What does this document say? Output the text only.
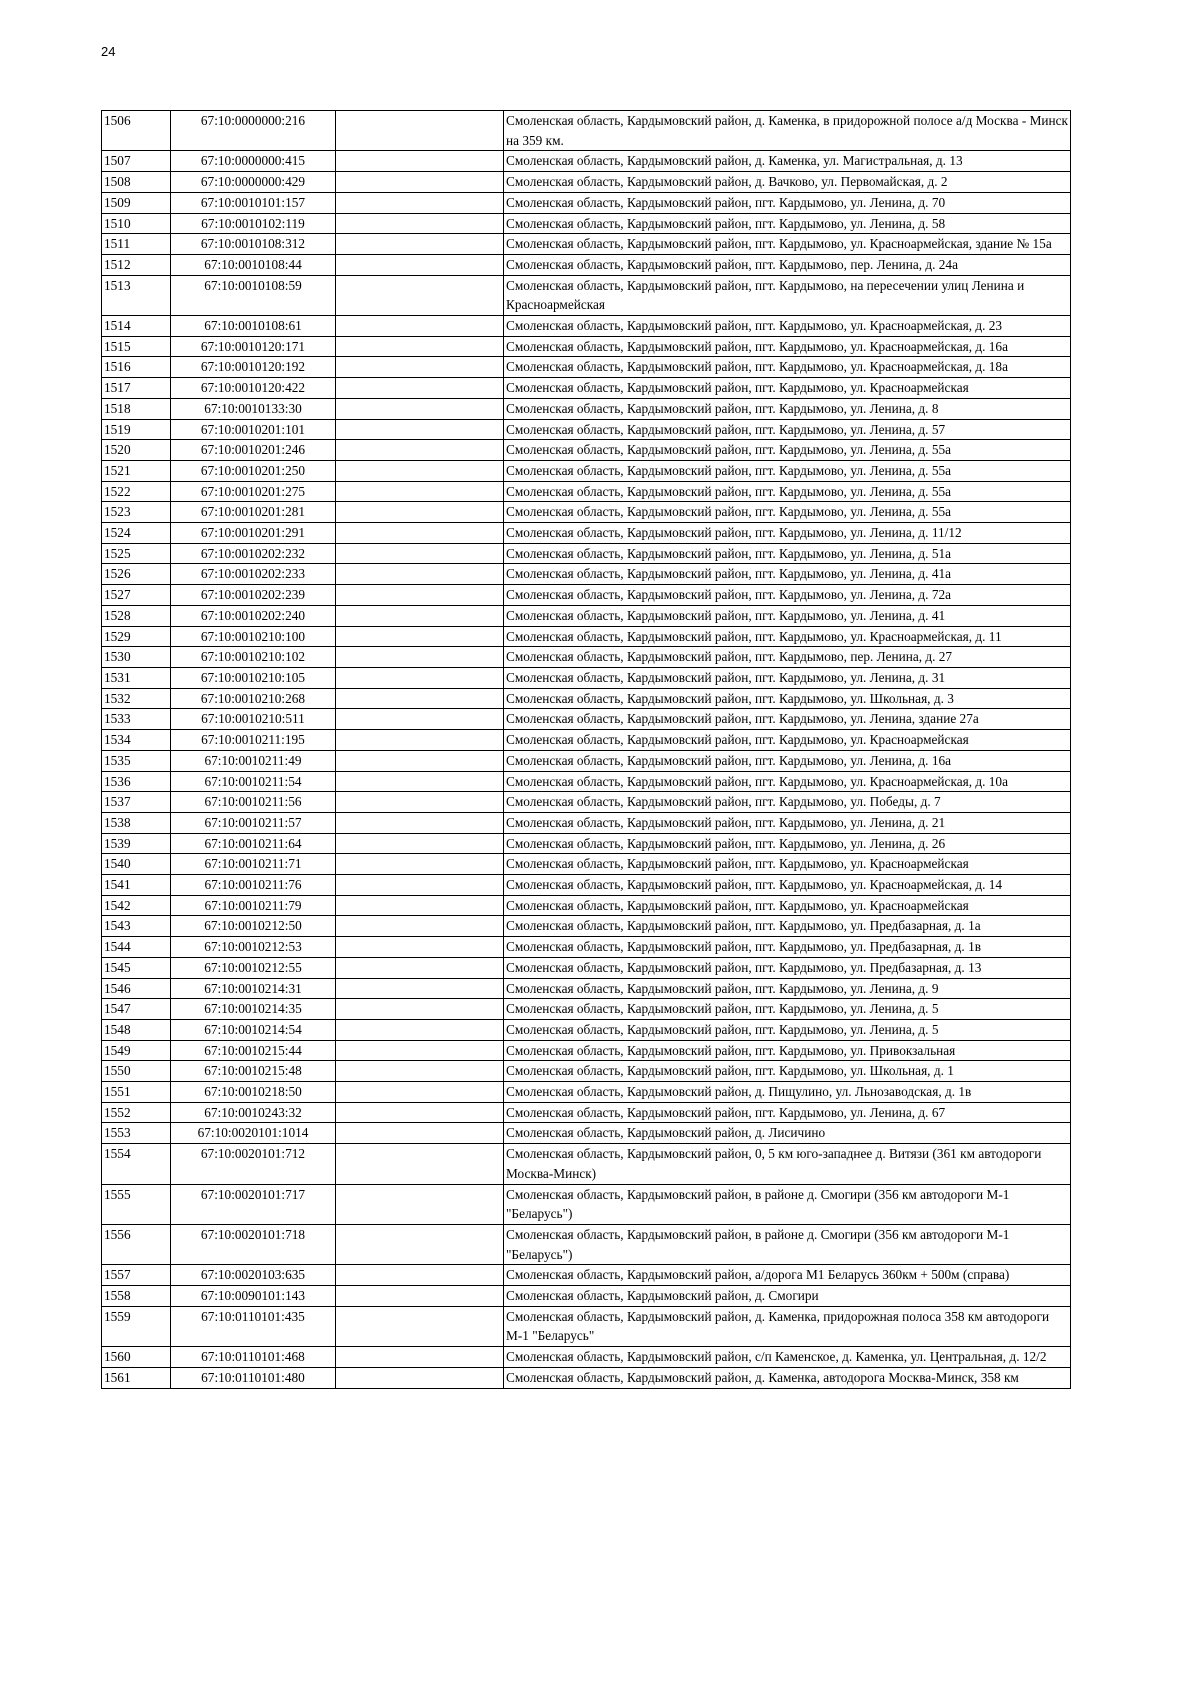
24
1506	67:10:0000000:216		Смоленская область, Кардымовский район, д. Каменка, в придорожной полосе а/д Москва - Минск на 359 км.
1507	67:10:0000000:415		Смоленская область, Кардымовский район, д. Каменка, ул. Магистральная, д. 13
1508	67:10:0000000:429		Смоленская область, Кардымовский район, д. Вачково, ул. Первомайская, д. 2
1509	67:10:0010101:157		Смоленская область, Кардымовский район, пгт. Кардымово, ул. Ленина, д. 70
1510	67:10:0010102:119		Смоленская область, Кардымовский район, пгт. Кардымово, ул. Ленина, д. 58
1511	67:10:0010108:312		Смоленская область, Кардымовский район, пгт. Кардымово, ул. Красноармейская, здание № 15а
1512	67:10:0010108:44		Смоленская область, Кардымовский район, пгт. Кардымово, пер. Ленина, д. 24а
1513	67:10:0010108:59		Смоленская область, Кардымовский район, пгт. Кардымово, на пересечении улиц Ленина и Красноармейская
1514	67:10:0010108:61		Смоленская область, Кардымовский район, пгт. Кардымово, ул. Красноармейская, д. 23
1515	67:10:0010120:171		Смоленская область, Кардымовский район, пгт. Кардымово, ул. Красноармейская, д. 16а
1516	67:10:0010120:192		Смоленская область, Кардымовский район, пгт. Кардымово, ул. Красноармейская, д. 18а
1517	67:10:0010120:422		Смоленская область, Кардымовский район, пгт. Кардымово, ул. Красноармейская
1518	67:10:0010133:30		Смоленская область, Кардымовский район, пгт. Кардымово, ул. Ленина, д. 8
1519	67:10:0010201:101		Смоленская область, Кардымовский район, пгт. Кардымово, ул. Ленина, д. 57
1520	67:10:0010201:246		Смоленская область, Кардымовский район, пгт. Кардымово, ул. Ленина, д. 55а
1521	67:10:0010201:250		Смоленская область, Кардымовский район, пгт. Кардымово, ул. Ленина, д. 55а
1522	67:10:0010201:275		Смоленская область, Кардымовский район, пгт. Кардымово, ул. Ленина, д. 55а
1523	67:10:0010201:281		Смоленская область, Кардымовский район, пгт. Кардымово, ул. Ленина, д. 55а
1524	67:10:0010201:291		Смоленская область, Кардымовский район, пгт. Кардымово, ул. Ленина, д. 11/12
1525	67:10:0010202:232		Смоленская область, Кардымовский район, пгт. Кардымово, ул. Ленина, д. 51а
1526	67:10:0010202:233		Смоленская область, Кардымовский район, пгт. Кардымово, ул. Ленина, д. 41а
1527	67:10:0010202:239		Смоленская область, Кардымовский район, пгт. Кардымово, ул. Ленина, д. 72а
1528	67:10:0010202:240		Смоленская область, Кардымовский район, пгт. Кардымово, ул. Ленина, д. 41
1529	67:10:0010210:100		Смоленская область, Кардымовский район, пгт. Кардымово, ул. Красноармейская, д. 11
1530	67:10:0010210:102		Смоленская область, Кардымовский район, пгт. Кардымово, пер. Ленина, д. 27
1531	67:10:0010210:105		Смоленская область, Кардымовский район, пгт. Кардымово, ул. Ленина, д. 31
1532	67:10:0010210:268		Смоленская область, Кардымовский район, пгт. Кардымово, ул. Школьная, д. 3
1533	67:10:0010210:511		Смоленская область, Кардымовский район, пгт. Кардымово, ул. Ленина, здание 27а
1534	67:10:0010211:195		Смоленская область, Кардымовский район, пгт. Кардымово, ул. Красноармейская
1535	67:10:0010211:49		Смоленская область, Кардымовский район, пгт. Кардымово, ул. Ленина, д. 16а
1536	67:10:0010211:54		Смоленская область, Кардымовский район, пгт. Кардымово, ул. Красноармейская, д. 10а
1537	67:10:0010211:56		Смоленская область, Кардымовский район, пгт. Кардымово, ул. Победы, д. 7
1538	67:10:0010211:57		Смоленская область, Кардымовский район, пгт. Кардымово, ул. Ленина, д. 21
1539	67:10:0010211:64		Смоленская область, Кардымовский район, пгт. Кардымово, ул. Ленина, д. 26
1540	67:10:0010211:71		Смоленская область, Кардымовский район, пгт. Кардымово, ул. Красноармейская
1541	67:10:0010211:76		Смоленская область, Кардымовский район, пгт. Кардымово, ул. Красноармейская, д. 14
1542	67:10:0010211:79		Смоленская область, Кардымовский район, пгт. Кардымово, ул. Красноармейская
1543	67:10:0010212:50		Смоленская область, Кардымовский район, пгт. Кардымово, ул. Предбазарная, д. 1а
1544	67:10:0010212:53		Смоленская область, Кардымовский район, пгт. Кардымово, ул. Предбазарная, д. 1в
1545	67:10:0010212:55		Смоленская область, Кардымовский район, пгт. Кардымово, ул. Предбазарная, д. 13
1546	67:10:0010214:31		Смоленская область, Кардымовский район, пгт. Кардымово, ул. Ленина, д. 9
1547	67:10:0010214:35		Смоленская область, Кардымовский район, пгт. Кардымово, ул. Ленина, д. 5
1548	67:10:0010214:54		Смоленская область, Кардымовский район, пгт. Кардымово, ул. Ленина, д. 5
1549	67:10:0010215:44		Смоленская область, Кардымовский район, пгт. Кардымово, ул. Привокзальная
1550	67:10:0010215:48		Смоленская область, Кардымовский район, пгт. Кардымово, ул. Школьная, д. 1
1551	67:10:0010218:50		Смоленская область, Кардымовский район, д. Пищулино, ул. Льнозаводская, д. 1в
1552	67:10:0010243:32		Смоленская область, Кардымовский район, пгт. Кардымово, ул. Ленина, д. 67
1553	67:10:0020101:1014		Смоленская область, Кардымовский район, д. Лисичино
1554	67:10:0020101:712		Смоленская область, Кардымовский район, 0, 5 км юго-западнее д. Витязи (361 км автодороги Москва-Минск)
1555	67:10:0020101:717		Смоленская область, Кардымовский район, в районе д. Смогири (356 км автодороги М-1 "Беларусь")
1556	67:10:0020101:718		Смоленская область, Кардымовский район, в районе д. Смогири (356 км автодороги М-1 "Беларусь")
1557	67:10:0020103:635		Смоленская область, Кардымовский район, а/дорога М1 Беларусь 360км + 500м (справа)
1558	67:10:0090101:143		Смоленская область, Кардымовский район, д. Смогири
1559	67:10:0110101:435		Смоленская область, Кардымовский район, д. Каменка, придорожная полоса 358 км автодороги М-1 "Беларусь"
1560	67:10:0110101:468		Смоленская область, Кардымовский район, с/п Каменское, д. Каменка, ул. Центральная, д. 12/2
1561	67:10:0110101:480		Смоленская область, Кардымовский район, д. Каменка, автодорога Москва-Минск, 358 км
